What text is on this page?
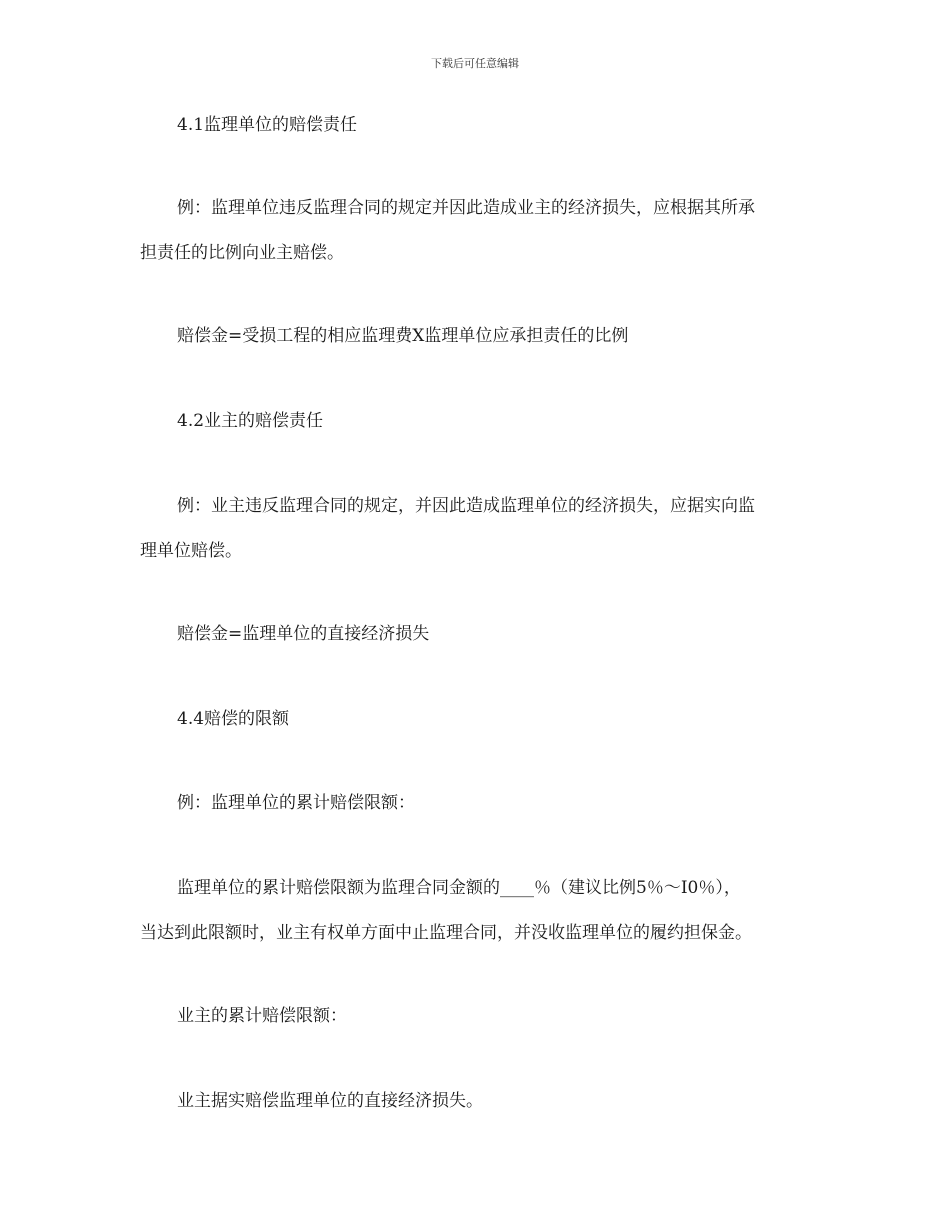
下载后可任意编辑

4.1监理单位的赔偿责任

例：监理单位违反监理合同的规定并因此造成业主的经济损失，应根据其所承
担责任的比例向业主赔偿。

赔偿金=受损工程的相应监理费X监理单位应承担责任的比例

4.2业主的赔偿责任

例：业主违反监理合同的规定，并因此造成监理单位的经济损失，应据实向监
理单位赔偿。

赔偿金=监理单位的直接经济损失

4.4赔偿的限额

例：监理单位的累计赔偿限额：

监理单位的累计赔偿限额为监理合同金额的____％（建议比例5％～I0％），
当达到此限额时，业主有权单方面中止监理合同，并没收监理单位的履约担保金。

业主的累计赔偿限额：

业主据实赔偿监理单位的直接经济损失。
